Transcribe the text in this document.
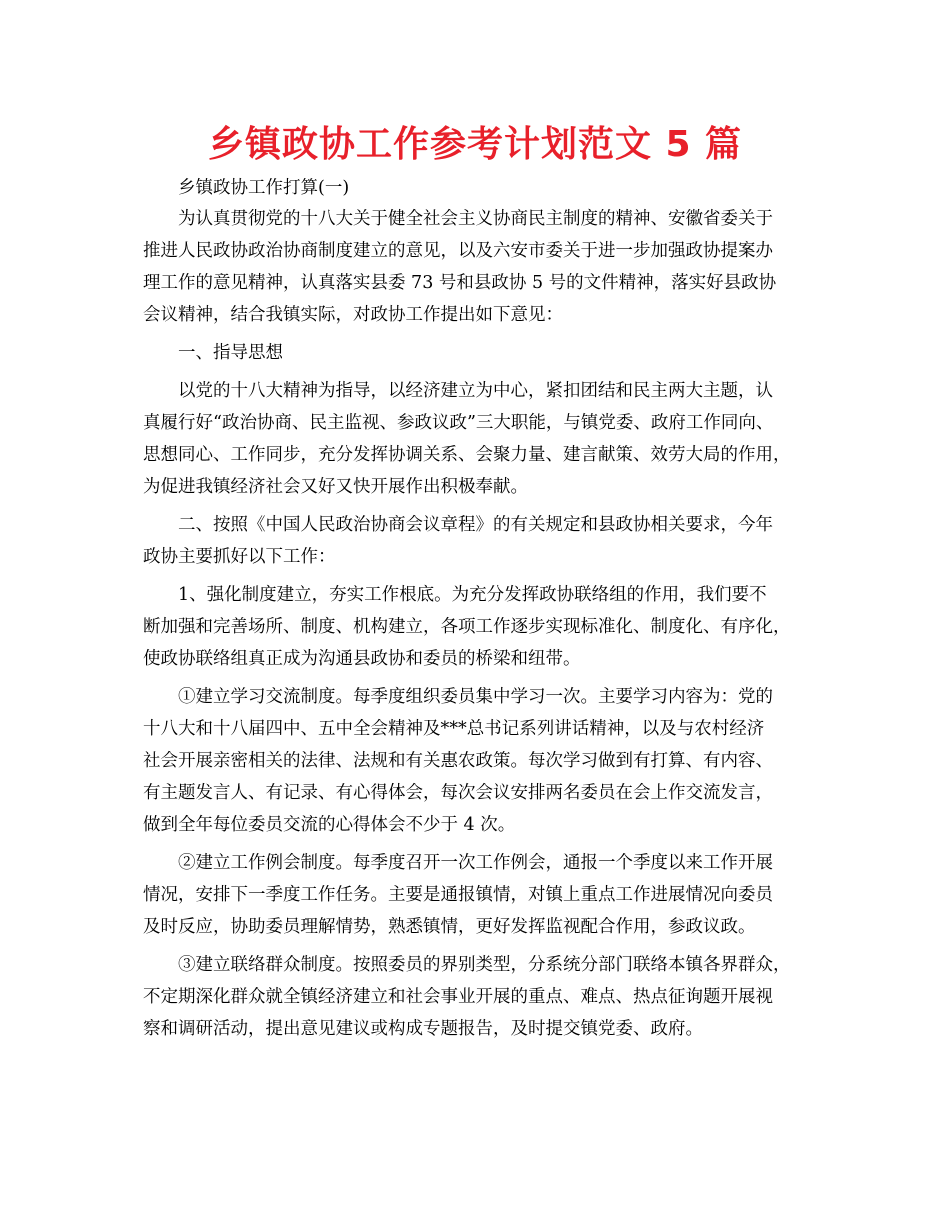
乡镇政协工作参考计划范文 5 篇

乡镇政协工作打算(一)

为认真贯彻党的十八大关于健全社会主义协商民主制度的精神、安徽省委关于
推进人民政协政治协商制度建立的意见，以及六安市委关于进一步加强政协提案办
理工作的意见精神，认真落实县委 73 号和县政协 5 号的文件精神，落实好县政协
会议精神，结合我镇实际，对政协工作提出如下意见：
一、指导思想
以党的十八大精神为指导，以经济建立为中心，紧扣团结和民主两大主题，认
真履行好“政治协商、民主监视、参政议政”三大职能，与镇党委、政府工作同向、
思想同心、工作同步，充分发挥协调关系、会聚力量、建言献策、效劳大局的作用，
为促进我镇经济社会又好又快开展作出积极奉献。
二、按照《中国人民政治协商会议章程》的有关规定和县政协相关要求，今年
政协主要抓好以下工作：
1、强化制度建立，夯实工作根底。为充分发挥政协联络组的作用，我们要不
断加强和完善场所、制度、机构建立，各项工作逐步实现标准化、制度化、有序化，
使政协联络组真正成为沟通县政协和委员的桥梁和纽带。
①建立学习交流制度。每季度组织委员集中学习一次。主要学习内容为：党的
十八大和十八届四中、五中全会精神及***总书记系列讲话精神，以及与农村经济
社会开展亲密相关的法律、法规和有关惠农政策。每次学习做到有打算、有内容、
有主题发言人、有记录、有心得体会，每次会议安排两名委员在会上作交流发言，
做到全年每位委员交流的心得体会不少于 4 次。
②建立工作例会制度。每季度召开一次工作例会，通报一个季度以来工作开展
情况，安排下一季度工作任务。主要是通报镇情，对镇上重点工作进展情况向委员
及时反应，协助委员理解情势，熟悉镇情，更好发挥监视配合作用，参政议政。
③建立联络群众制度。按照委员的界别类型，分系统分部门联络本镇各界群众，
不定期深化群众就全镇经济建立和社会事业开展的重点、难点、热点征询题开展视
察和调研活动，提出意见建议或构成专题报告，及时提交镇党委、政府。
